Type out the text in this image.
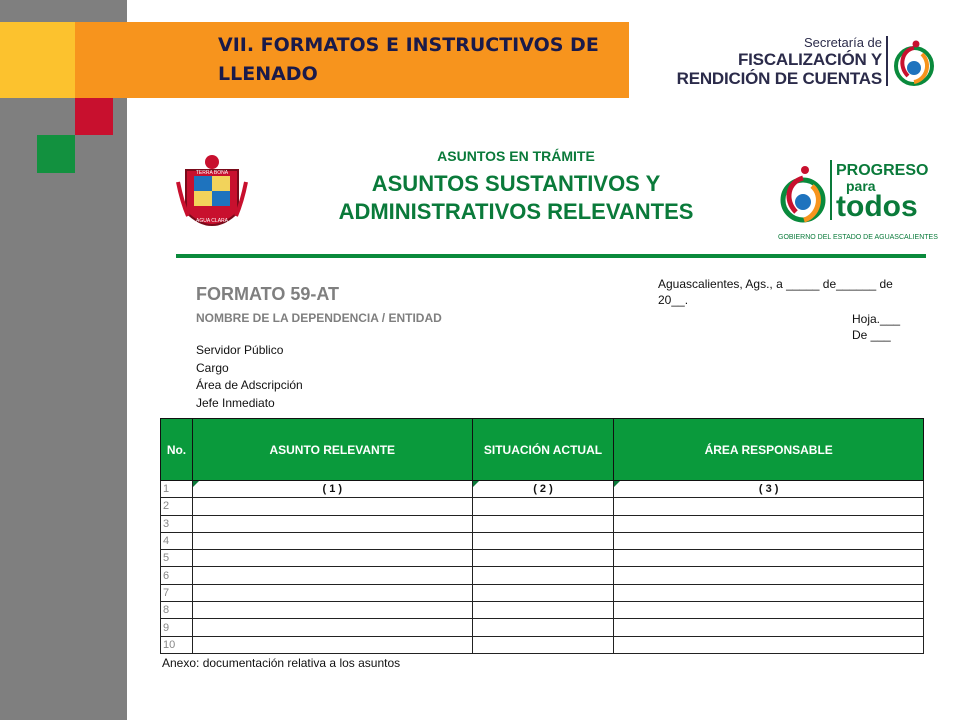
VII. FORMATOS E INSTRUCTIVOS DE LLENADO
Secretaría de
FISCALIZACIÓN Y
RENDICIÓN DE CUENTAS
TERRA BONA
AGUA CLARA
ASUNTOS EN TRÁMITE
ASUNTOS SUSTANTIVOS Y
ADMINISTRATIVOS RELEVANTES
PROGRESO
para
todos
GOBIERNO DEL ESTADO DE AGUASCALIENTES
FORMATO 59-AT
NOMBRE DE LA DEPENDENCIA / ENTIDAD
Servidor Público
Cargo
Área de Adscripción
Jefe Inmediato
Aguascalientes, Ags., a _____ de______ de
20__.
Hoja.___
De ___
No.	ASUNTO RELEVANTE	SITUACIÓN ACTUAL	ÁREA RESPONSABLE
1	( 1 )	( 2 )	( 3 )
2			
3			
4			
5			
6			
7			
8			
9			
10			
Anexo: documentación relativa a los asuntos
